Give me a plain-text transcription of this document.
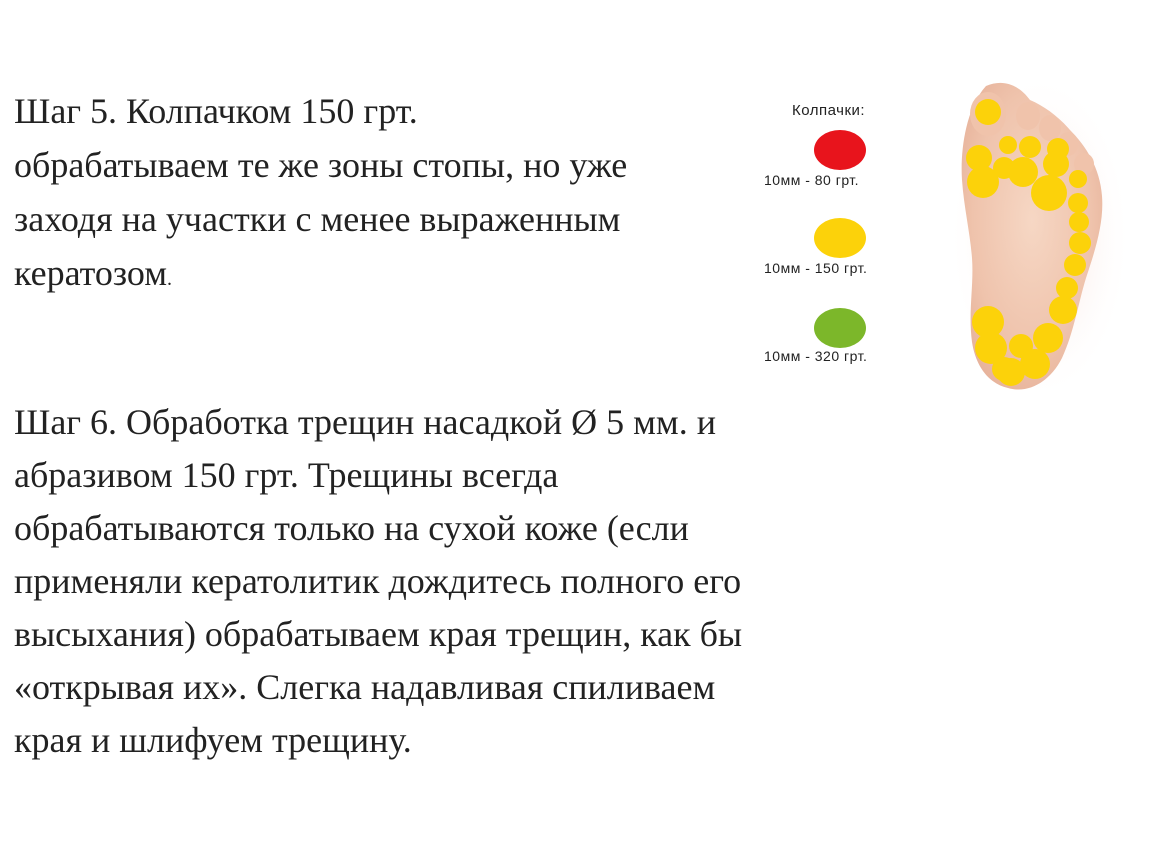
Шаг 5. Колпачком 150 грт.
обрабатываем те же зоны стопы, но уже
заходя на участки с менее выраженным
кератозом.

Колпачки:
10мм - 80 грт.
10мм - 150 грт.
10мм - 320 грт.

Шаг 6. Обработка трещин насадкой Ø 5 мм. и
абразивом 150 грт. Трещины всегда
обрабатываются только на сухой коже (если
применяли кератолитик дождитесь полного его
высыхания) обрабатываем края трещин, как бы
«открывая их». Слегка надавливая спиливаем
края и шлифуем трещину.
